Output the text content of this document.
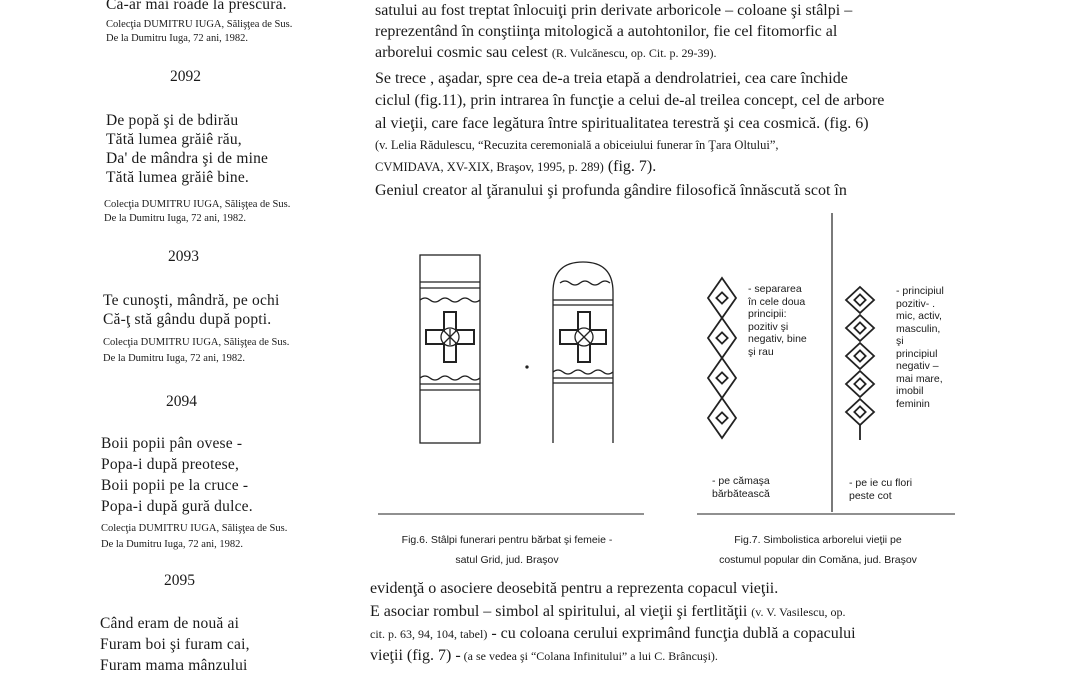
Că-ar mai roade la prescură.
Colecţia DUMITRU IUGA, Sălişţea de Sus.
De la Dumitru Iuga, 72 ani, 1982.
2092
De popă şi de bdirău
Tătă lumea grăiê rău,
Da' de mândra şi de mine
Tătă lumea grăiê bine.
Colecţia DUMITRU IUGA, Sălişţea de Sus.
De la Dumitru Iuga, 72 ani, 1982.
2093
Te cunoşti, mândră, pe ochi
Că-ţ stă gându după popti.
Colecţia DUMITRU IUGA, Sălişţea de Sus.
De la Dumitru Iuga, 72 ani, 1982.
2094
Boii popii pân ovese -
Popa-i după preotese,
Boii popii pe la cruce -
Popa-i după gură dulce.
Colecţia DUMITRU IUGA, Sălişţea de Sus.
De la Dumitru Iuga, 72 ani, 1982.
2095
Când eram de nouă ai
Furam boi şi furam cai,
Furam mama mânzului
satului au fost treptat înlocuiţi prin derivate arboricole – coloane şi stâlpi –
reprezentând în conştiinţa mitologică a autohtonilor, fie cel fitomorfic al
arborelui cosmic sau celest (R. Vulcănescu, op. Cit. p. 29-39).
Se trece , aşadar, spre cea de-a treia etapă a dendrolatriei, cea care închide
ciclul (fig.11), prin intrarea în funcţie a celui de-al treilea concept, cel de arbore
al vieţii, care face legătura între spiritualitatea terestră şi cea cosmică. (fig. 6)
(v. Lelia Rădulescu, “Recuzita ceremonială a obiceiului funerar în Ţara Oltului”,
CVMIDAVA, XV-XIX, Braşov, 1995, p. 289) (fig. 7).
Geniul creator al ţăranului şi profunda gândire filosofică înnăscută scot în
evidenţă o asociere deosebită pentru a reprezenta copacul vieţii.
E asociar rombul – simbol al spiritului, al vieţii şi fertlităţii (v. V. Vasilescu, op.
cit. p. 63, 94, 104, tabel) - cu coloana cerului exprimând funcţia dublă a copacului
vieţii (fig. 7) - (a se vedea şi “Colana Infinitului” a lui C. Brâncuşi).
- separarea
în cele doua
principii:
pozitiv şi
negativ, bine
şi rau
- principiul
pozitiv- .
mic, activ,
masculin,
şi
principiul
negativ –
mai mare,
imobil
feminin
- pe cămaşa
bărbătească
- pe ie cu flori
peste cot
Fig.6. Stâlpi funerari pentru bărbat şi femeie -
satul Grid, jud. Braşov
Fig.7. Simbolistica arborelui vieţii pe
costumul popular din Comăna, jud. Braşov
